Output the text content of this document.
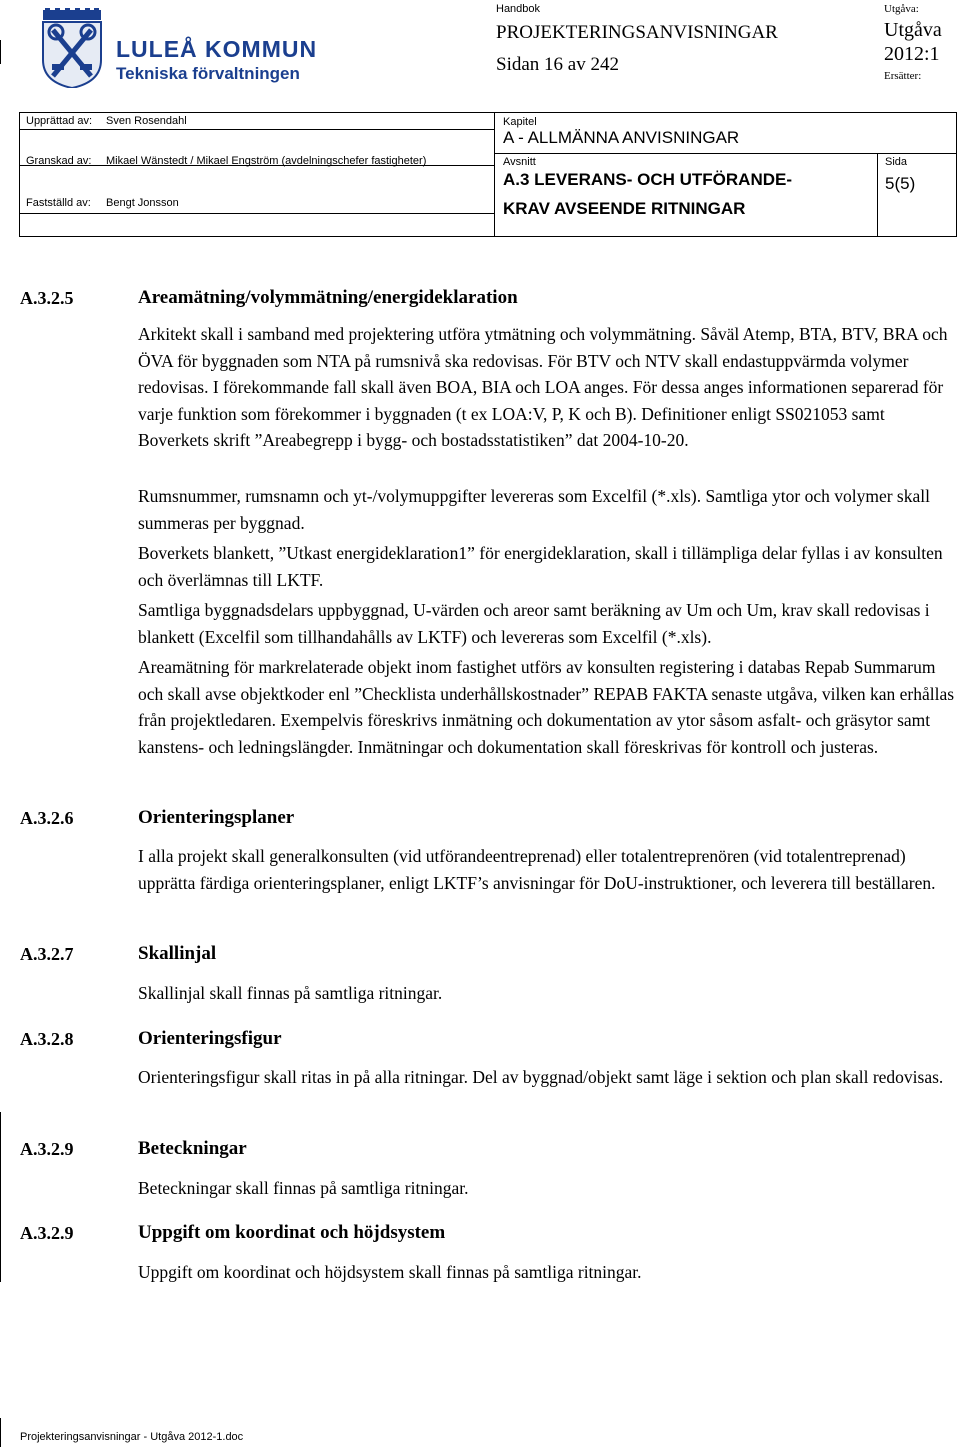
LULEÅ KOMMUN
Tekniska förvaltningen
Handbok
PROJEKTERINGSANVISNINGAR
Sidan 16 av 242
Utgåva:
Utgåva 2012:1
Ersätter:
Upprättad av: Sven Rosendahl
Granskad av: Mikael Wänstedt / Mikael Engström (avdelningschefer fastigheter)
Fastställd av: Bengt Jonsson
Kapitel
A - ALLMÄNNA ANVISNINGAR
Avsnitt
A.3 LEVERANS- OCH UTFÖRANDE-
KRAV AVSEENDE RITNINGAR
Sida
5(5)
A.3.2.5	Areamätning/volymmätning/energideklaration
Arkitekt skall i samband med projektering utföra ytmätning och volymmätning. Såväl Atemp, BTA, BTV, BRA och ÖVA för byggnaden som NTA på rumsnivå ska redovisas. För BTV och NTV skall endastuppvärmda volymer redovisas. I förekommande fall skall även BOA, BIA och LOA anges. För dessa anges informationen separerad för varje funktion som förekommer i byggnaden (t ex LOA:V, P, K och B). Definitioner enligt SS021053 samt Boverkets skrift ”Areabegrepp i bygg- och bostadsstatistiken” dat 2004-10-20.
Rumsnummer, rumsnamn och yt-/volymuppgifter levereras som Excelfil (*.xls). Samtliga ytor och volymer skall summeras per byggnad.
Boverkets blankett, ”Utkast energideklaration1” för energideklaration, skall i tillämpliga delar fyllas i av konsulten och överlämnas till LKTF.
Samtliga byggnadsdelars uppbyggnad, U-värden och areor samt beräkning av Um och Um, krav skall redovisas i blankett (Excelfil som tillhandahålls av LKTF) och levereras som Excelfil (*.xls).
Areamätning för markrelaterade objekt inom fastighet utförs av konsulten registering i databas Repab Summarum och skall avse objektkoder enl ”Checklista underhållskostnader” REPAB FAKTA senaste utgåva, vilken kan erhållas från projektledaren. Exempelvis föreskrivs inmätning och dokumentation av ytor såsom asfalt- och gräsytor samt kanstens- och ledningslängder. Inmätningar och dokumentation skall föreskrivas för kontroll och justeras.
A.3.2.6	Orienteringsplaner
I alla projekt skall generalkonsulten (vid utförandeentreprenad) eller totalentreprenören (vid totalentreprenad) upprätta färdiga orienteringsplaner, enligt LKTF’s anvisningar för DoU-instruktioner, och leverera till beställaren.
A.3.2.7	Skallinjal
Skallinjal skall finnas på samtliga ritningar.
A.3.2.8	Orienteringsfigur
Orienteringsfigur skall ritas in på alla ritningar. Del av byggnad/objekt samt läge i sektion och plan skall redovisas.
A.3.2.9	Beteckningar
Beteckningar skall finnas på samtliga ritningar.
A.3.2.9	Uppgift om koordinat och höjdsystem
Uppgift om koordinat och höjdsystem skall finnas på samtliga ritningar.
Projekteringsanvisningar - Utgåva 2012-1.doc
